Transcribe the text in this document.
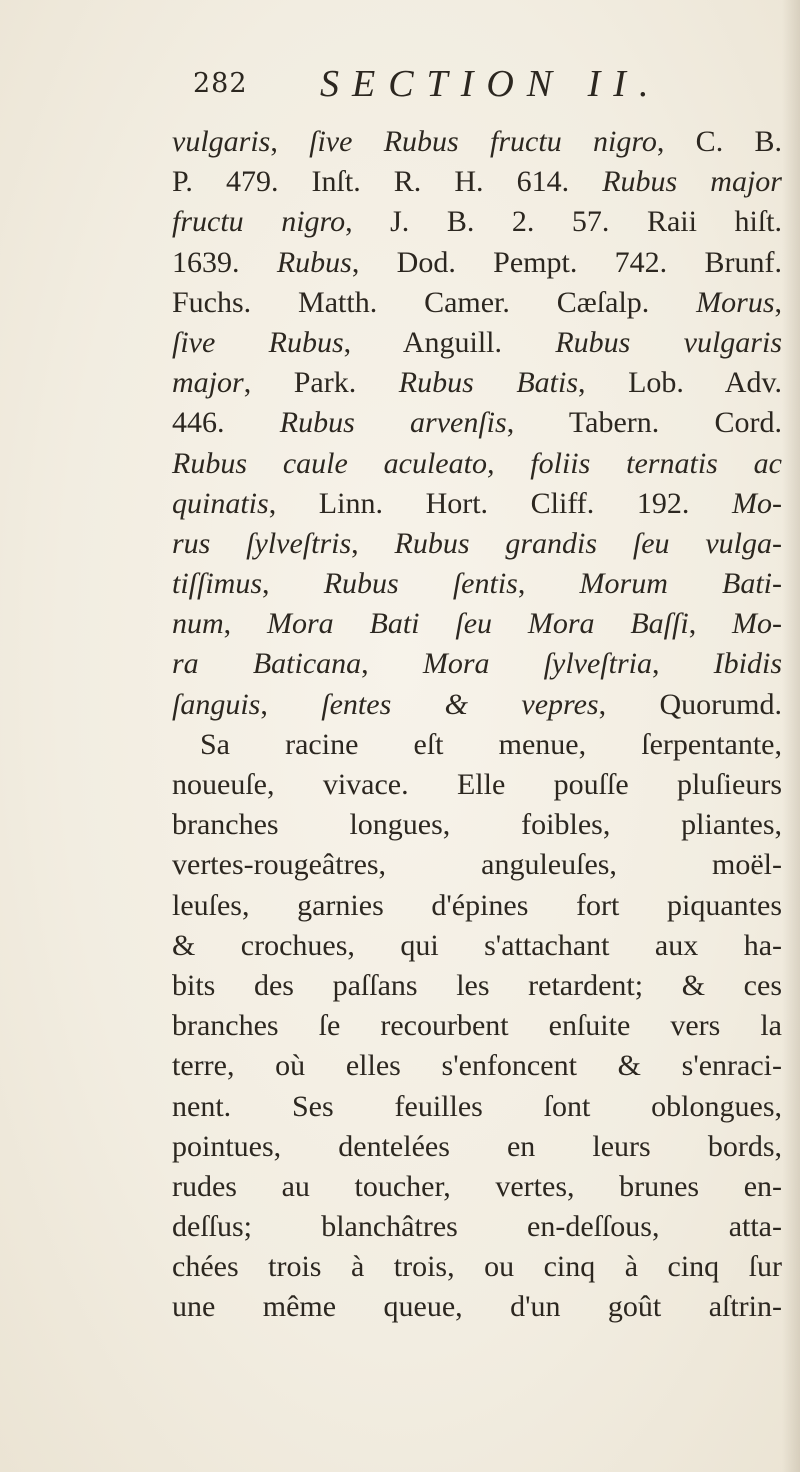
282 SECTION II.
vulgaris, ſive Rubus fructu nigro, C. B.
P. 479. Inſt. R. H. 614. Rubus major
fructu nigro, J. B. 2. 57. Raii hiſt.
1639. Rubus, Dod. Pempt. 742. Brunf.
Fuchs. Matth. Camer. Cæſalp. Morus,
ſive Rubus, Anguill. Rubus vulgaris
major, Park. Rubus Batis, Lob. Adv.
446. Rubus arvenſis, Tabern. Cord.
Rubus caule aculeato, foliis ternatis ac
quinatis, Linn. Hort. Cliff. 192. Mo-
rus ſylveſtris, Rubus grandis ſeu vulga-
tiſſimus, Rubus ſentis, Morum Bati-
num, Mora Bati ſeu Mora Baſſi, Mo-
ra Baticana, Mora ſylveſtria, Ibidis
ſanguis, ſentes & vepres, Quorumd.
Sa racine eſt menue, ſerpentante,
noueuſe, vivace. Elle pouſſe pluſieurs
branches longues, foibles, pliantes,
vertes-rougeâtres, anguleuſes, moël-
leuſes, garnies d'épines fort piquantes
& crochues, qui s'attachant aux ha-
bits des paſſans les retardent; & ces
branches ſe recourbent enſuite vers la
terre, où elles s'enfoncent & s'enraci-
nent. Ses feuilles ſont oblongues,
pointues, dentelées en leurs bords,
rudes au toucher, vertes, brunes en-
deſſus; blanchâtres en-deſſous, atta-
chées trois à trois, ou cinq à cinq ſur
une même queue, d'un goût aſtrin-
